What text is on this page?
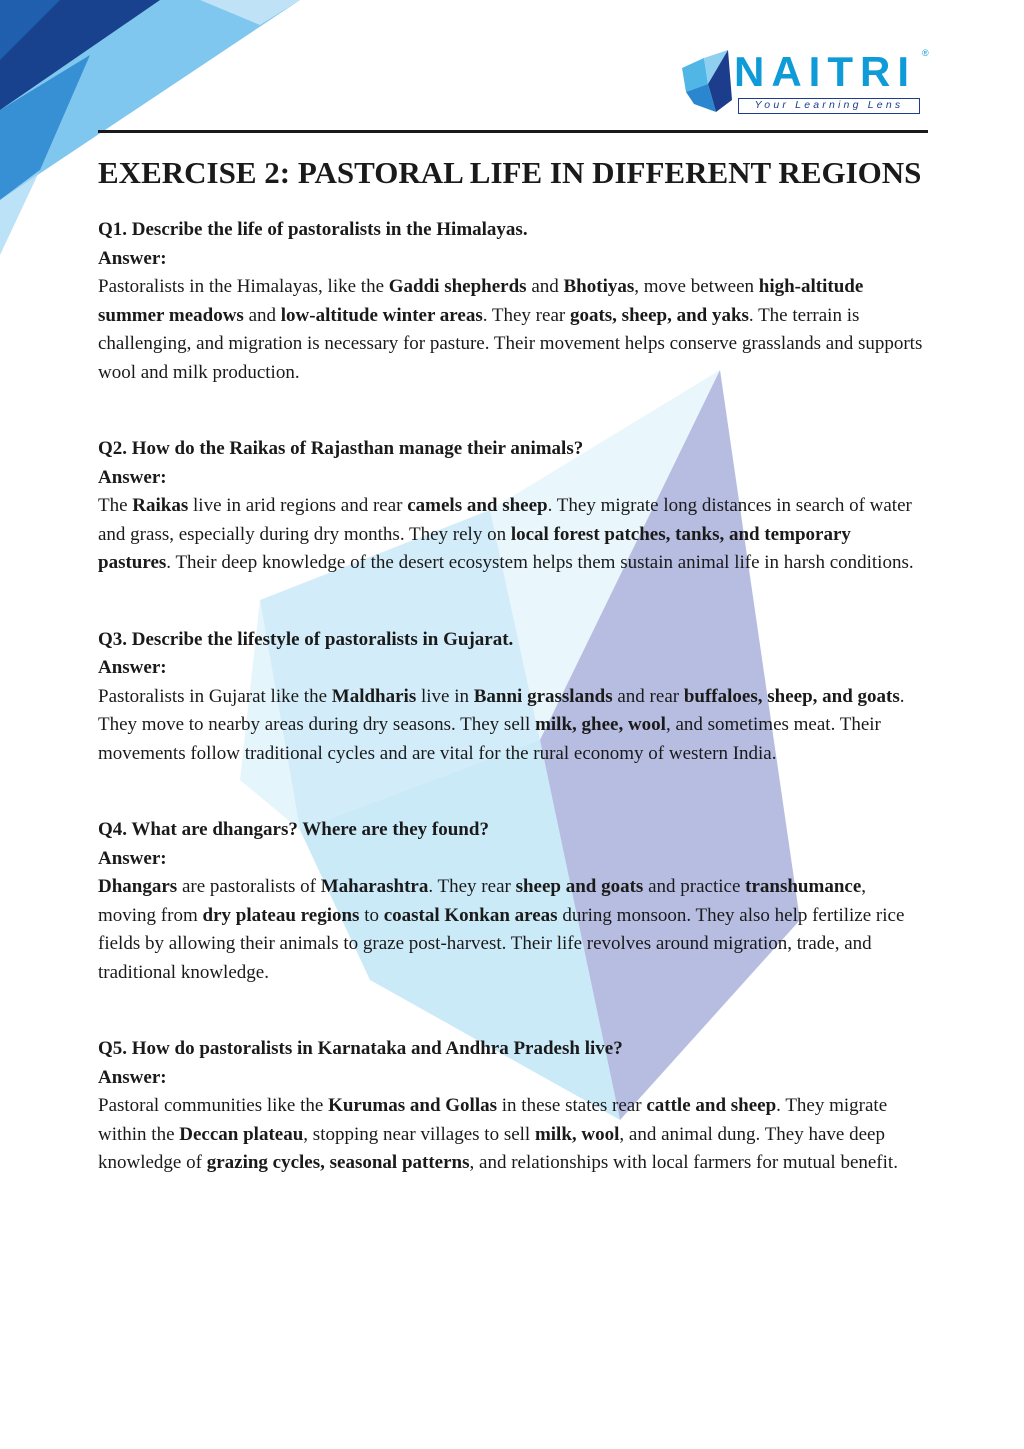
NAITRI ®
Your Learning Lens
EXERCISE 2: PASTORAL LIFE IN DIFFERENT REGIONS
Q1. Describe the life of pastoralists in the Himalayas.
Answer:
Pastoralists in the Himalayas, like the Gaddi shepherds and Bhotiyas, move between high-altitude summer meadows and low-altitude winter areas. They rear goats, sheep, and yaks. The terrain is challenging, and migration is necessary for pasture. Their movement helps conserve grasslands and supports wool and milk production.
Q2. How do the Raikas of Rajasthan manage their animals?
Answer:
The Raikas live in arid regions and rear camels and sheep. They migrate long distances in search of water and grass, especially during dry months. They rely on local forest patches, tanks, and temporary pastures. Their deep knowledge of the desert ecosystem helps them sustain animal life in harsh conditions.
Q3. Describe the lifestyle of pastoralists in Gujarat.
Answer:
Pastoralists in Gujarat like the Maldharis live in Banni grasslands and rear buffaloes, sheep, and goats. They move to nearby areas during dry seasons. They sell milk, ghee, wool, and sometimes meat. Their movements follow traditional cycles and are vital for the rural economy of western India.
Q4. What are dhangars? Where are they found?
Answer:
Dhangars are pastoralists of Maharashtra. They rear sheep and goats and practice transhumance, moving from dry plateau regions to coastal Konkan areas during monsoon. They also help fertilize rice fields by allowing their animals to graze post-harvest. Their life revolves around migration, trade, and traditional knowledge.
Q5. How do pastoralists in Karnataka and Andhra Pradesh live?
Answer:
Pastoral communities like the Kurumas and Gollas in these states rear cattle and sheep. They migrate within the Deccan plateau, stopping near villages to sell milk, wool, and animal dung. They have deep knowledge of grazing cycles, seasonal patterns, and relationships with local farmers for mutual benefit.
